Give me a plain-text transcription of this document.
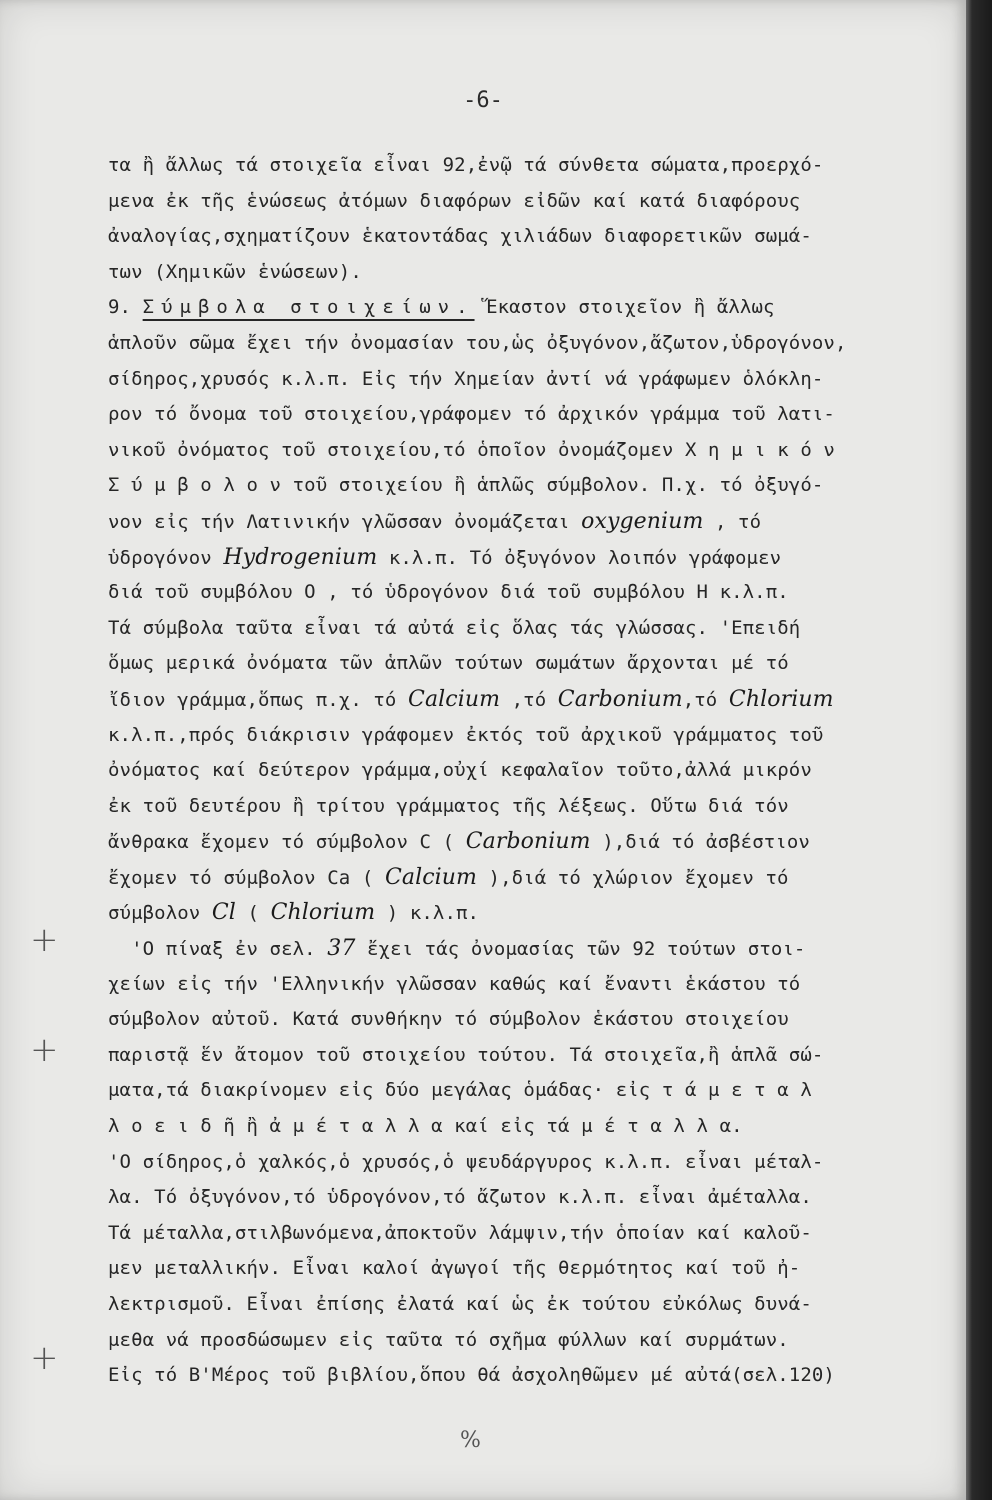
-6-
τα ἢ ἄλλως τά στοιχεῖα εἶναι 92,ἐνῷ τά σύνθετα σώματα,προερχό-
μενα ἐκ τῆς ἑνώσεως ἀτόμων διαφόρων εἰδῶν καί κατά διαφόρους
ἀναλογίας,σχηματίζουν ἑκατοντάδας χιλιάδων διαφορετικῶν σωμά-
των (Χημικῶν ἑνώσεων).
9. Σύμβολα στοιχείων. Ἕκαστον στοιχεῖον ἢ ἄλλως
ἁπλοῦν σῶμα ἔχει τήν ὀνομασίαν του,ὡς ὀξυγόνον,ἄζωτον,ὑδρογόνον,
σίδηρος,χρυσός κ.λ.π. Εἰς τήν Χημείαν ἀντί νά γράφωμεν ὁλόκλη-
ρον τό ὄνομα τοῦ στοιχείου,γράφομεν τό ἀρχικόν γράμμα τοῦ λατι-
νικοῦ ὀνόματος τοῦ στοιχείου,τό ὁποῖον ὀνομάζομεν Χ η μ ι κ ό ν
Σ ύ μ β ο λ ο ν τοῦ στοιχείου ἢ ἁπλῶς σύμβολον. Π.χ. τό ὀξυγό-
νον εἰς τήν Λατινικήν γλῶσσαν ὀνομάζεται oxygenium , τό
ὑδρογόνον Hydrogenium κ.λ.π. Τό ὀξυγόνον λοιπόν γράφομεν
διά τοῦ συμβόλου Ο , τό ὑδρογόνον διά τοῦ συμβόλου Η κ.λ.π.
Τά σύμβολα ταῦτα εἶναι τά αὐτά εἰς ὅλας τάς γλώσσας. 'Επειδή
ὅμως μερικά ὀνόματα τῶν ἁπλῶν τούτων σωμάτων ἄρχονται μέ τό
ἴδιον γράμμα,ὅπως π.χ. τό Calcium ,τό Carbonium,τό Chlorium
κ.λ.π.,πρός διάκρισιν γράφομεν ἐκτός τοῦ ἀρχικοῦ γράμματος τοῦ
ὀνόματος καί δεύτερον γράμμα,οὐχί κεφαλαῖον τοῦτο,ἀλλά μικρόν
ἐκ τοῦ δευτέρου ἢ τρίτου γράμματος τῆς λέξεως. Οὕτω διά τόν
ἄνθρακα ἔχομεν τό σύμβολον C ( Carbonium ),διά τό ἀσβέστιον
ἔχομεν τό σύμβολον Ca ( Calcium ),διά τό χλώριον ἔχομεν τό
σύμβολον Cl ( Chlorium ) κ.λ.π.
'Ο πίναξ ἐν σελ. 37 ἔχει τάς ὀνομασίας τῶν 92 τούτων στοι-
χείων εἰς τήν 'Ελληνικήν γλῶσσαν καθώς καί ἔναντι ἑκάστου τό
σύμβολον αὐτοῦ. Κατά συνθήκην τό σύμβολον ἑκάστου στοιχείου
παριστᾷ ἕν ἄτομον τοῦ στοιχείου τούτου. Τά στοιχεῖα,ἢ ἁπλᾶ σώ-
ματα,τά διακρίνομεν εἰς δύο μεγάλας ὁμάδας· εἰς τ ά μ ε τ α λ
λ ο ε ι δ ῆ ἢ ἀ μ έ τ α λ λ α καί εἰς τά μ έ τ α λ λ α.
'Ο σίδηρος,ὁ χαλκός,ὁ χρυσός,ὁ ψευδάργυρος κ.λ.π. εἶναι μέταλ-
λα. Τό ὀξυγόνον,τό ὑδρογόνον,τό ἄζωτον κ.λ.π. εἶναι ἀμέταλλα.
Τά μέταλλα,στιλβωνόμενα,ἀποκτοῦν λάμψιν,τήν ὁποίαν καί καλοῦ-
μεν μεταλλικήν. Εἶναι καλοί ἀγωγοί τῆς θερμότητος καί τοῦ ἠ-
λεκτρισμοῦ. Εἶναι ἐπίσης ἐλατά καί ὡς ἐκ τούτου εὐκόλως δυνά-
μεθα νά προσδώσωμεν εἰς ταῦτα τό σχῆμα φύλλων καί συρμάτων.
Εἰς τό Β'Μέρος τοῦ βιβλίου,ὅπου θά ἀσχοληθῶμεν μέ αὐτά(σελ.120)
+
+
+
%
